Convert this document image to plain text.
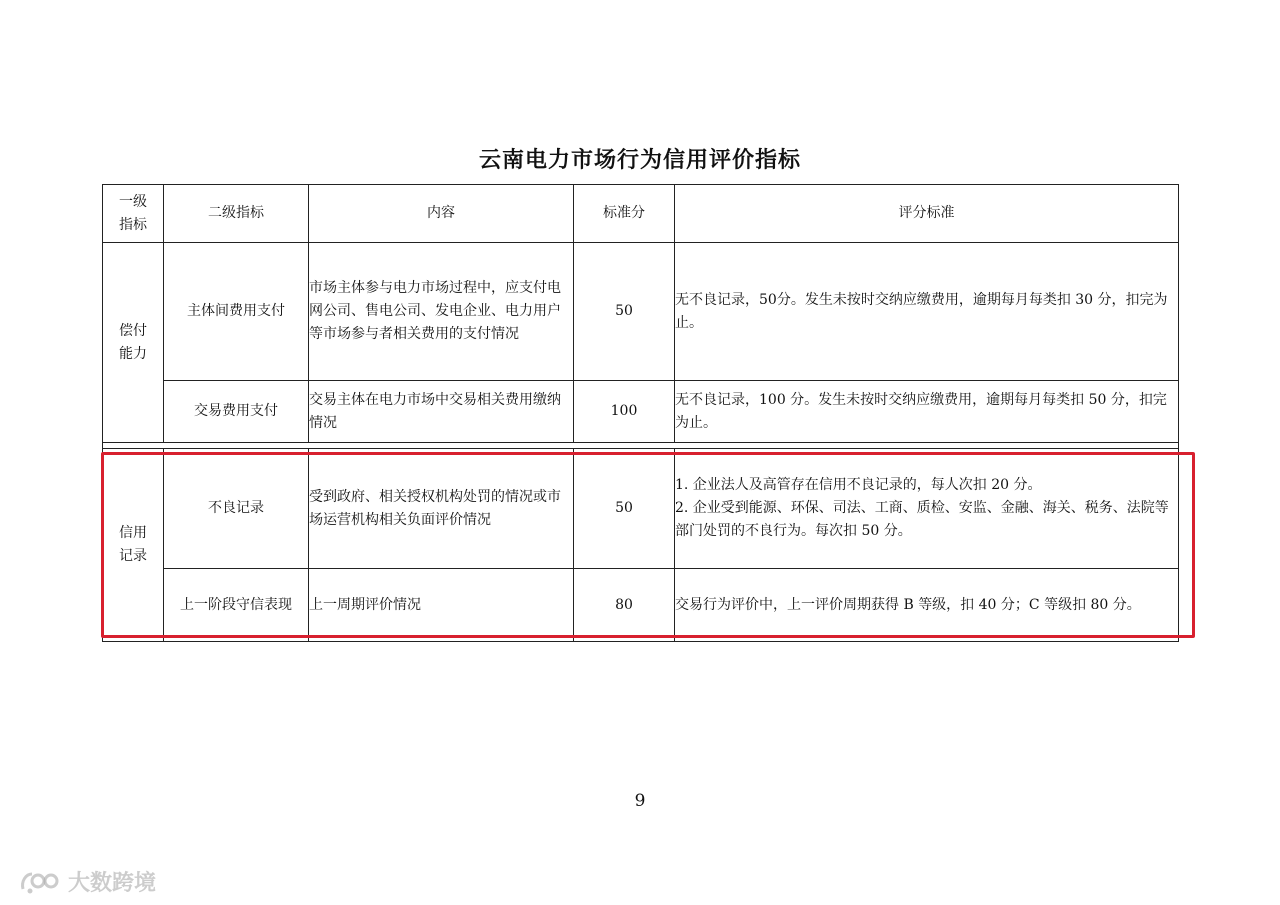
云南电力市场行为信用评价指标
一级
指标	二级指标	内容	标准分	评分标准
偿付
能力	主体间费用支付	市场主体参与电力市场过程中，应支付电网公司、售电公司、发电企业、电力用户等市场参与者相关费用的支付情况	50	无不良记录，50分。发生未按时交纳应缴费用，逾期每月每类扣 30 分，扣完为止。
	交易费用支付	交易主体在电力市场中交易相关费用缴纳情况	100	无不良记录，100 分。发生未按时交纳应缴费用，逾期每月每类扣 50 分，扣完为止。

信用
记录	不良记录	受到政府、相关授权机构处罚的情况或市场运营机构相关负面评价情况	50	1. 企业法人及高管存在信用不良记录的，每人次扣 20 分。
2. 企业受到能源、环保、司法、工商、质检、安监、金融、海关、税务、法院等部门处罚的不良行为。每次扣 50 分。
	上一阶段守信表现	上一周期评价情况	80	交易行为评价中，上一评价周期获得 B 等级，扣 40 分；C 等级扣 80 分。
9
大数跨境
